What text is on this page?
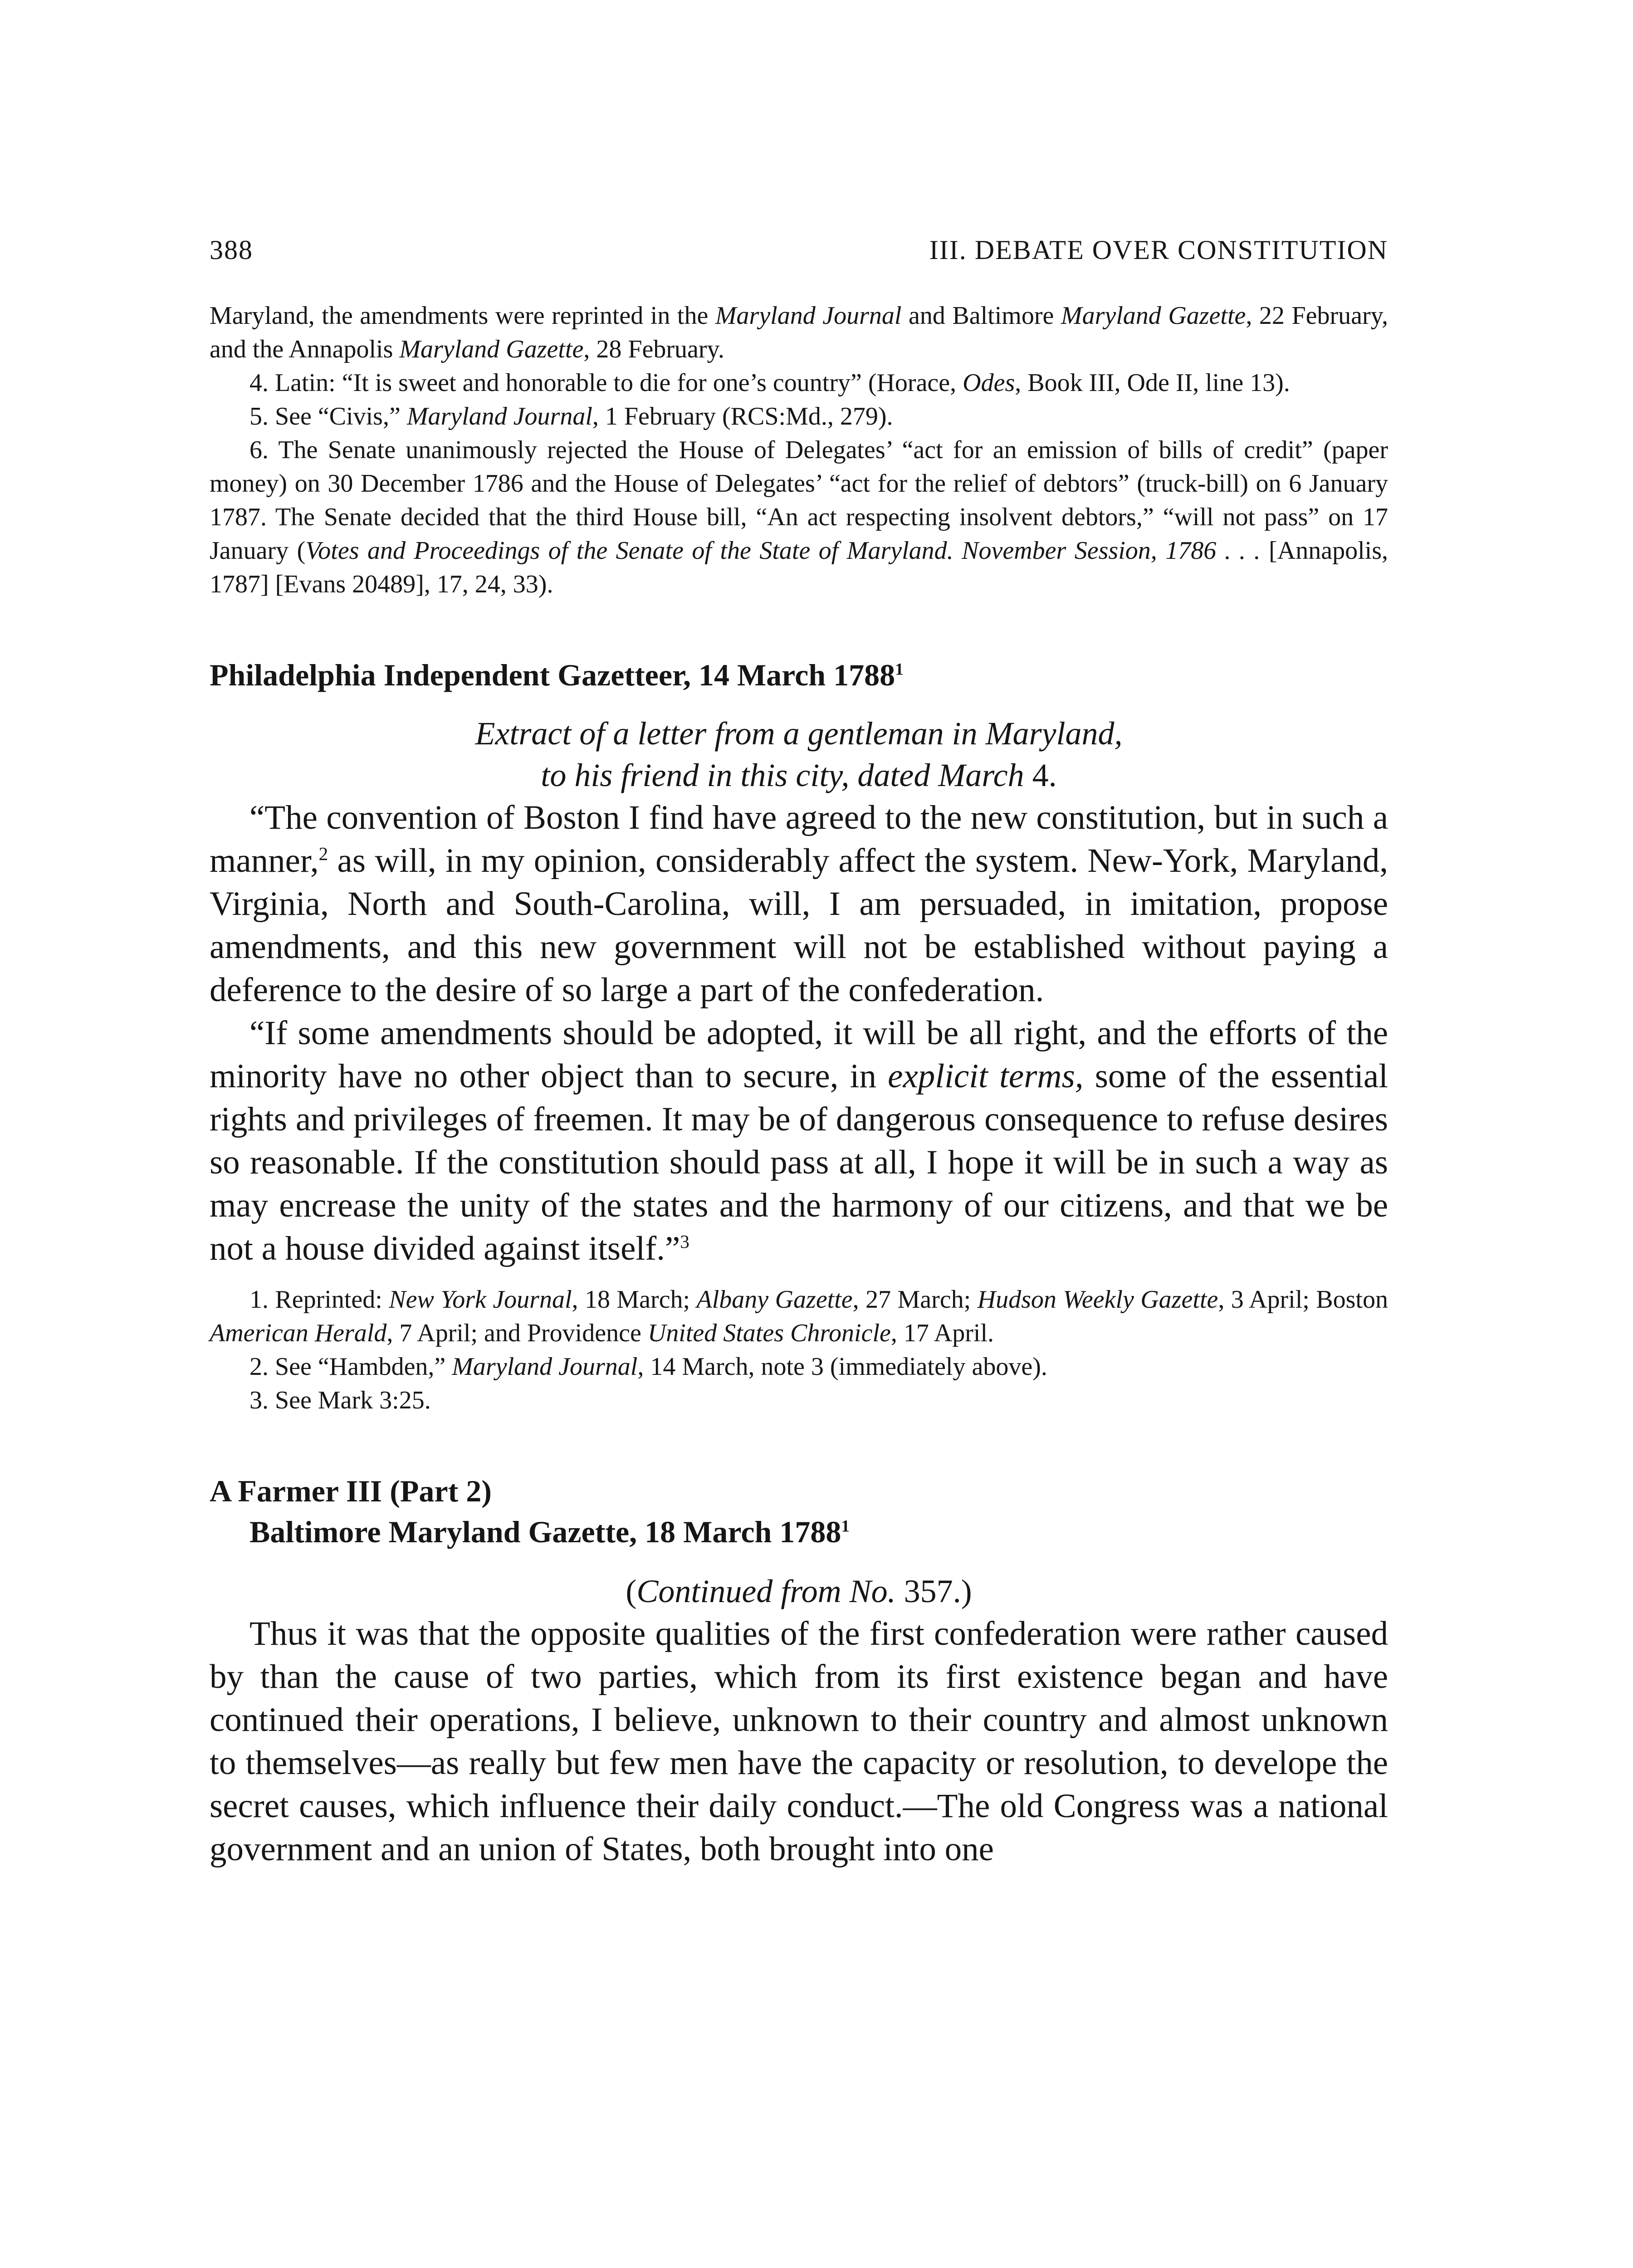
388	III. DEBATE OVER CONSTITUTION

Maryland, the amendments were reprinted in the Maryland Journal and Baltimore Maryland Gazette, 22 February, and the Annapolis Maryland Gazette, 28 February.

4. Latin: “It is sweet and honorable to die for one’s country” (Horace, Odes, Book III, Ode II, line 13).

5. See “Civis,” Maryland Journal, 1 February (RCS:Md., 279).

6. The Senate unanimously rejected the House of Delegates’ “act for an emission of bills of credit” (paper money) on 30 December 1786 and the House of Delegates’ “act for the relief of debtors” (truck-bill) on 6 January 1787. The Senate decided that the third House bill, “An act respecting insolvent debtors,” “will not pass” on 17 January (Votes and Proceedings of the Senate of the State of Maryland. November Session, 1786 . . . [Annapolis, 1787] [Evans 20489], 17, 24, 33).

Philadelphia Independent Gazetteer, 14 March 1788$^1$
Extract of a letter from a gentleman in Maryland,
to his friend in this city, dated March 4.

“The convention of Boston I find have agreed to the new constitution, but in such a manner,$^2$ as will, in my opinion, considerably affect the system. New-York, Maryland, Virginia, North and South-Carolina, will, I am persuaded, in imitation, propose amendments, and this new government will not be established without paying a deference to the desire of so large a part of the confederation.

“If some amendments should be adopted, it will be all right, and the efforts of the minority have no other object than to secure, in explicit terms, some of the essential rights and privileges of freemen. It may be of dangerous consequence to refuse desires so reasonable. If the constitution should pass at all, I hope it will be in such a way as may encrease the unity of the states and the harmony of our citizens, and that we be not a house divided against itself.”$^3$

1. Reprinted: New York Journal, 18 March; Albany Gazette, 27 March; Hudson Weekly Gazette, 3 April; Boston American Herald, 7 April; and Providence United States Chronicle, 17 April.

2. See “Hambden,” Maryland Journal, 14 March, note 3 (immediately above).

3. See Mark 3:25.

A Farmer III (Part 2)
Baltimore Maryland Gazette, 18 March 1788$^1$
(Continued from No. 357.)

Thus it was that the opposite qualities of the first confederation were rather caused by than the cause of two parties, which from its first existence began and have continued their operations, I believe, unknown to their country and almost unknown to themselves—as really but few men have the capacity or resolution, to develope the secret causes, which influence their daily conduct.—The old Congress was a national government and an union of States, both brought into one
